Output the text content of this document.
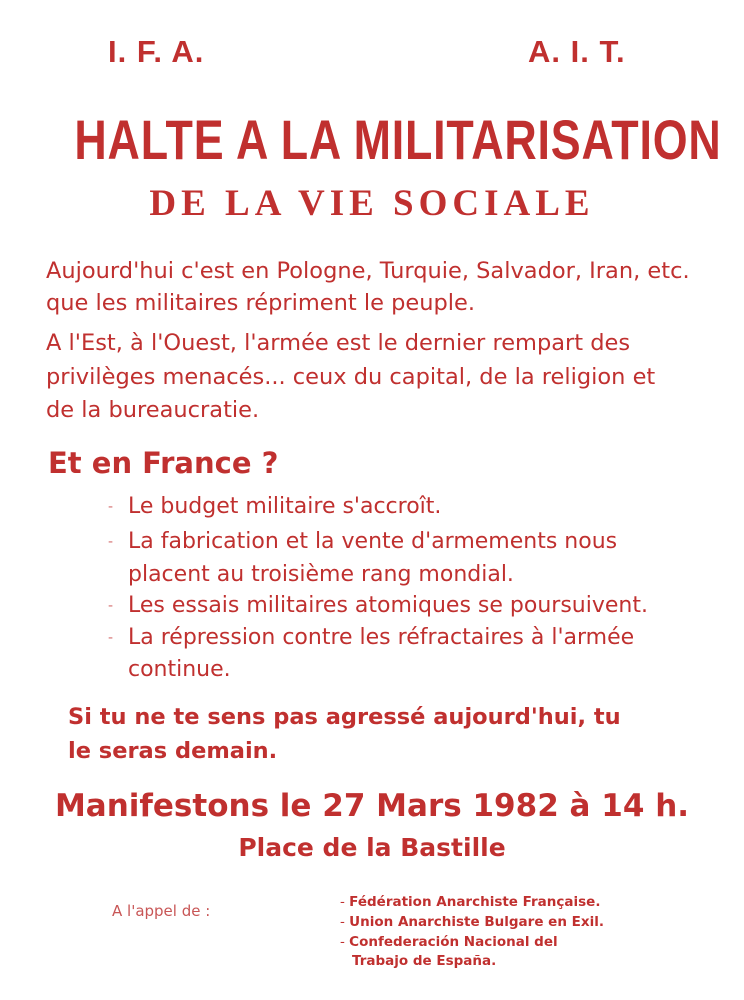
I. F. A.	A. I. T.
HALTE A LA MILITARISATION
DE LA VIE SOCIALE
Aujourd'hui c'est en Pologne, Turquie, Salvador, Iran, etc.
que les militaires répriment le peuple.
A l'Est, à l'Ouest, l'armée est le dernier rempart des
privilèges menacés... ceux du capital, de la religion et
de la bureaucratie.
Et en France ?
- Le budget militaire s'accroît.
- La fabrication et la vente d'armements nous
placent au troisième rang mondial.
- Les essais militaires atomiques se poursuivent.
- La répression contre les réfractaires à l'armée
continue.
Si tu ne te sens pas agressé aujourd'hui, tu
le seras demain.
Manifestons le 27 Mars 1982 à 14 h.
Place de la Bastille
A l'appel de :	- Fédération Anarchiste Française.
- Union Anarchiste Bulgare en Exil.
- Confederación Nacional del
Trabajo de España.
